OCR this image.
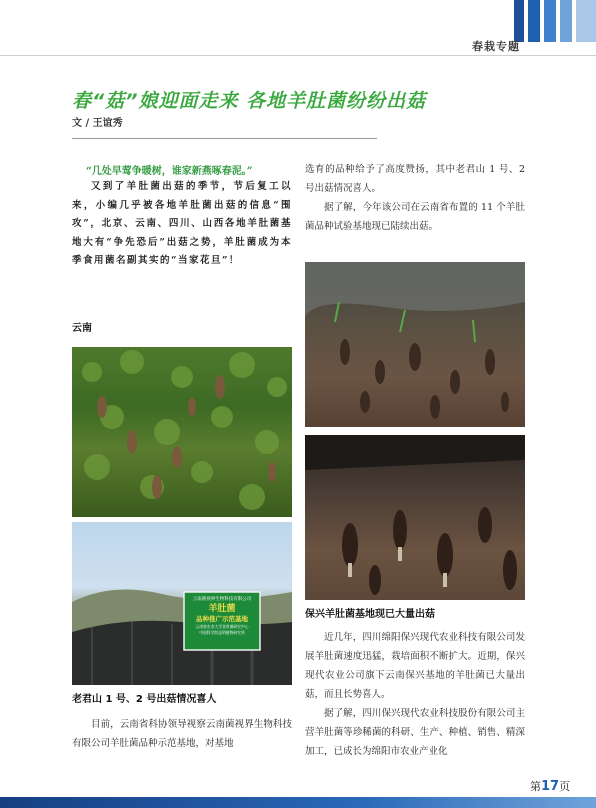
春栽专题
春“菇”娘迎面走来 各地羊肚菌纷纷出菇
文 / 王谊秀
“几处早莺争暖树，谁家新燕啄春泥。”
又到了羊肚菌出菇的季节，节后复工以来，小编几乎被各地羊肚菌出菇的信息“围攻”，北京、云南、四川、山西各地羊肚菌基地大有“争先恐后”出菇之势，羊肚菌成为本季食用菌名副其实的“当家花旦”！
云南
云南菌视界生物科技有限公司
羊肚菌
品种推广示范基地
云南省农业大学食用菌研究中心
中国科学院昆明植物研究所
老君山 1 号、2 号出菇情况喜人

目前，云南省科协领导视察云南菌视界生物科技有限公司羊肚菌品种示范基地，对基地

选育的品种给予了高度赞扬，其中老君山 1 号、2 号出菇情况喜人。

据了解，今年该公司在云南省布置的 11 个羊肚菌品种试验基地现已陆续出菇。

保兴羊肚菌基地现已大量出菇

近几年，四川绵阳保兴现代农业科技有限公司发展羊肚菌速度迅猛，栽培面积不断扩大。近期，保兴现代农业公司旗下云南保兴基地的羊肚菌已大量出菇，而且长势喜人。

据了解，四川保兴现代农业科技股份有限公司主营羊肚菌等珍稀菌的科研、生产、种植、销售、精深加工，已成长为绵阳市农业产业化

第17页
